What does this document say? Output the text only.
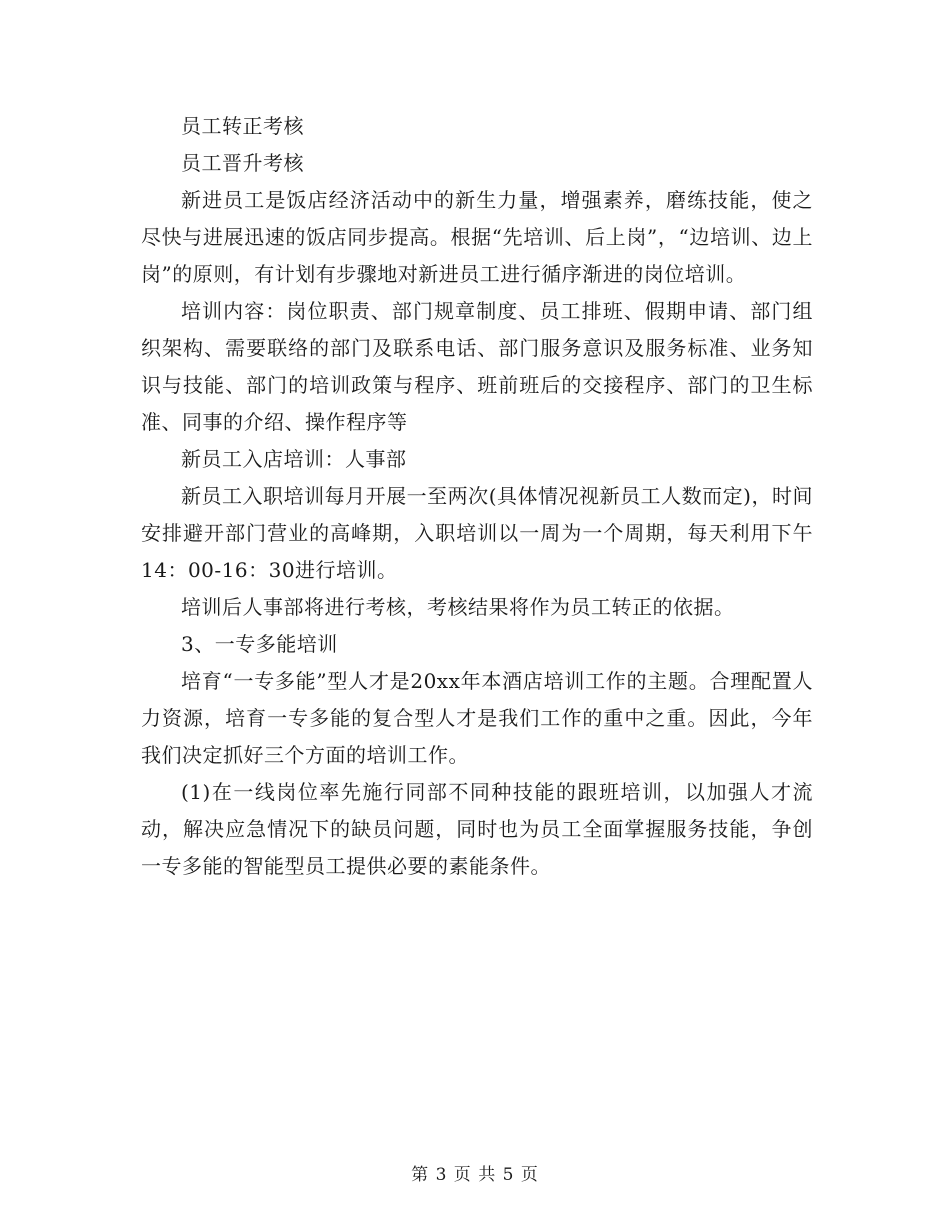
员工转正考核

员工晋升考核

新进员工是饭店经济活动中的新生力量，增强素养，磨练技能，使之尽快与进展迅速的饭店同步提高。根据“先培训、后上岗”，“边培训、边上岗”的原则，有计划有步骤地对新进员工进行循序渐进的岗位培训。

培训内容：岗位职责、部门规章制度、员工排班、假期申请、部门组织架构、需要联络的部门及联系电话、部门服务意识及服务标准、业务知识与技能、部门的培训政策与程序、班前班后的交接程序、部门的卫生标准、同事的介绍、操作程序等

新员工入店培训：人事部

新员工入职培训每月开展一至两次(具体情况视新员工人数而定)，时间安排避开部门营业的高峰期，入职培训以一周为一个周期，每天利用下午14：00-16：30进行培训。

培训后人事部将进行考核，考核结果将作为员工转正的依据。

3、一专多能培训

培育“一专多能”型人才是20xx年本酒店培训工作的主题。合理配置人力资源，培育一专多能的复合型人才是我们工作的重中之重。因此，今年我们决定抓好三个方面的培训工作。

(1)在一线岗位率先施行同部不同种技能的跟班培训，以加强人才流动，解决应急情况下的缺员问题，同时也为员工全面掌握服务技能，争创一专多能的智能型员工提供必要的素能条件。

第 3 页 共 5 页
